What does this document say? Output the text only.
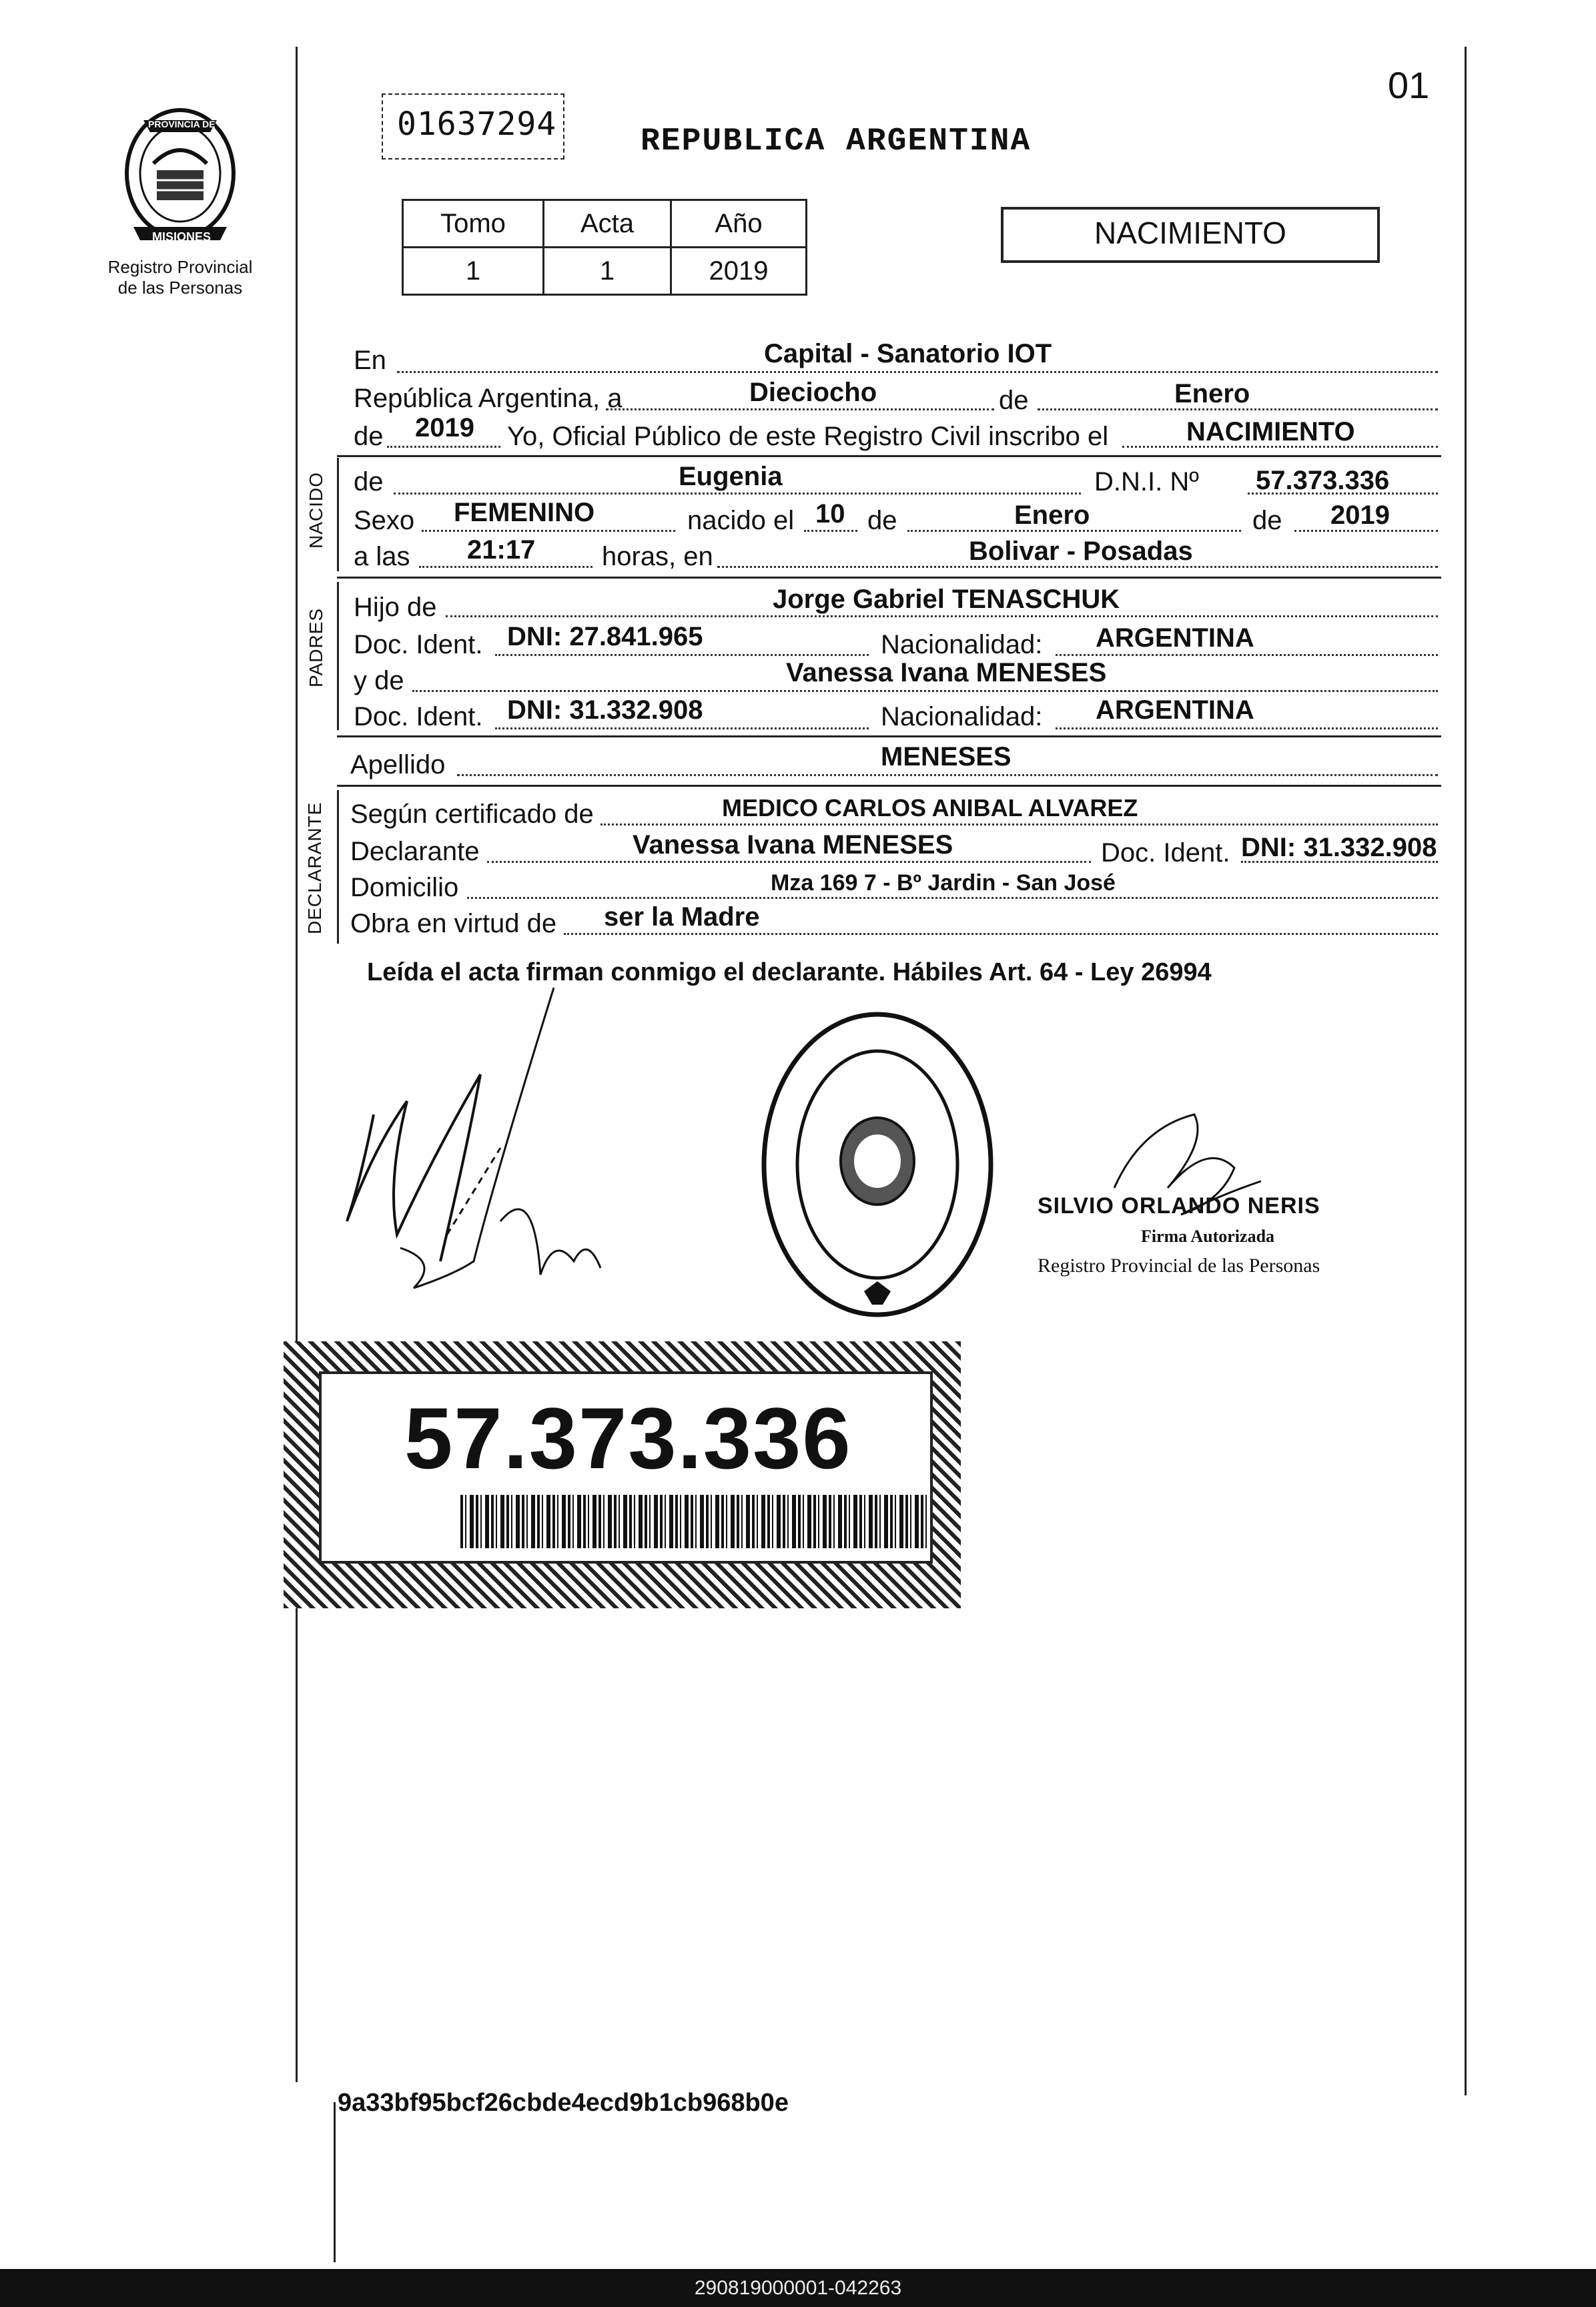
01
PROVINCIA DE
MISIONES
Registro Provincial
de las Personas
01637294	REPUBLICA ARGENTINA
Tomo	Acta	Año
1	1	2019
NACIMIENTO
En	Capital - Sanatorio IOT
República Argentina, a	Dieciocho	de	Enero
de 2019 Yo, Oficial Público de este Registro Civil inscribo el	NACIMIENTO
NACIDO de	Eugenia	D.N.I. Nº 57.373.336
Sexo FEMENINO	nacido el 10 de	Enero	de 2019
a las 21:17 horas, en	Bolivar - Posadas
PADRES
Hijo de	Jorge Gabriel TENASCHUK
Doc. Ident. DNI: 27.841.965	Nacionalidad: ARGENTINA
y de	Vanessa Ivana MENESES
Doc. Ident. DNI: 31.332.908	Nacionalidad: ARGENTINA
Apellido	MENESES
DECLARANTE Según certificado de	MEDICO CARLOS ANIBAL ALVAREZ
Declarante	Vanessa Ivana MENESES	Doc. Ident. DNI: 31.332.908
Domicilio	Mza 169 7 - Bº Jardin - San José
Obra en virtud de ser la Madre
Leída el acta firman conmigo el declarante. Hábiles Art. 64 - Ley 26994
DELEGACION DEL REGISTRO PROVINCIAL DE LAS PERSONAS
SEC. SANATORIO IOT
SILVIO ORLANDO NERIS
Firma Autorizada
Registro Provincial de las Personas
57.373.336
9a33bf95bcf26cbde4ecd9b1cb968b0e
290819000001-042263
